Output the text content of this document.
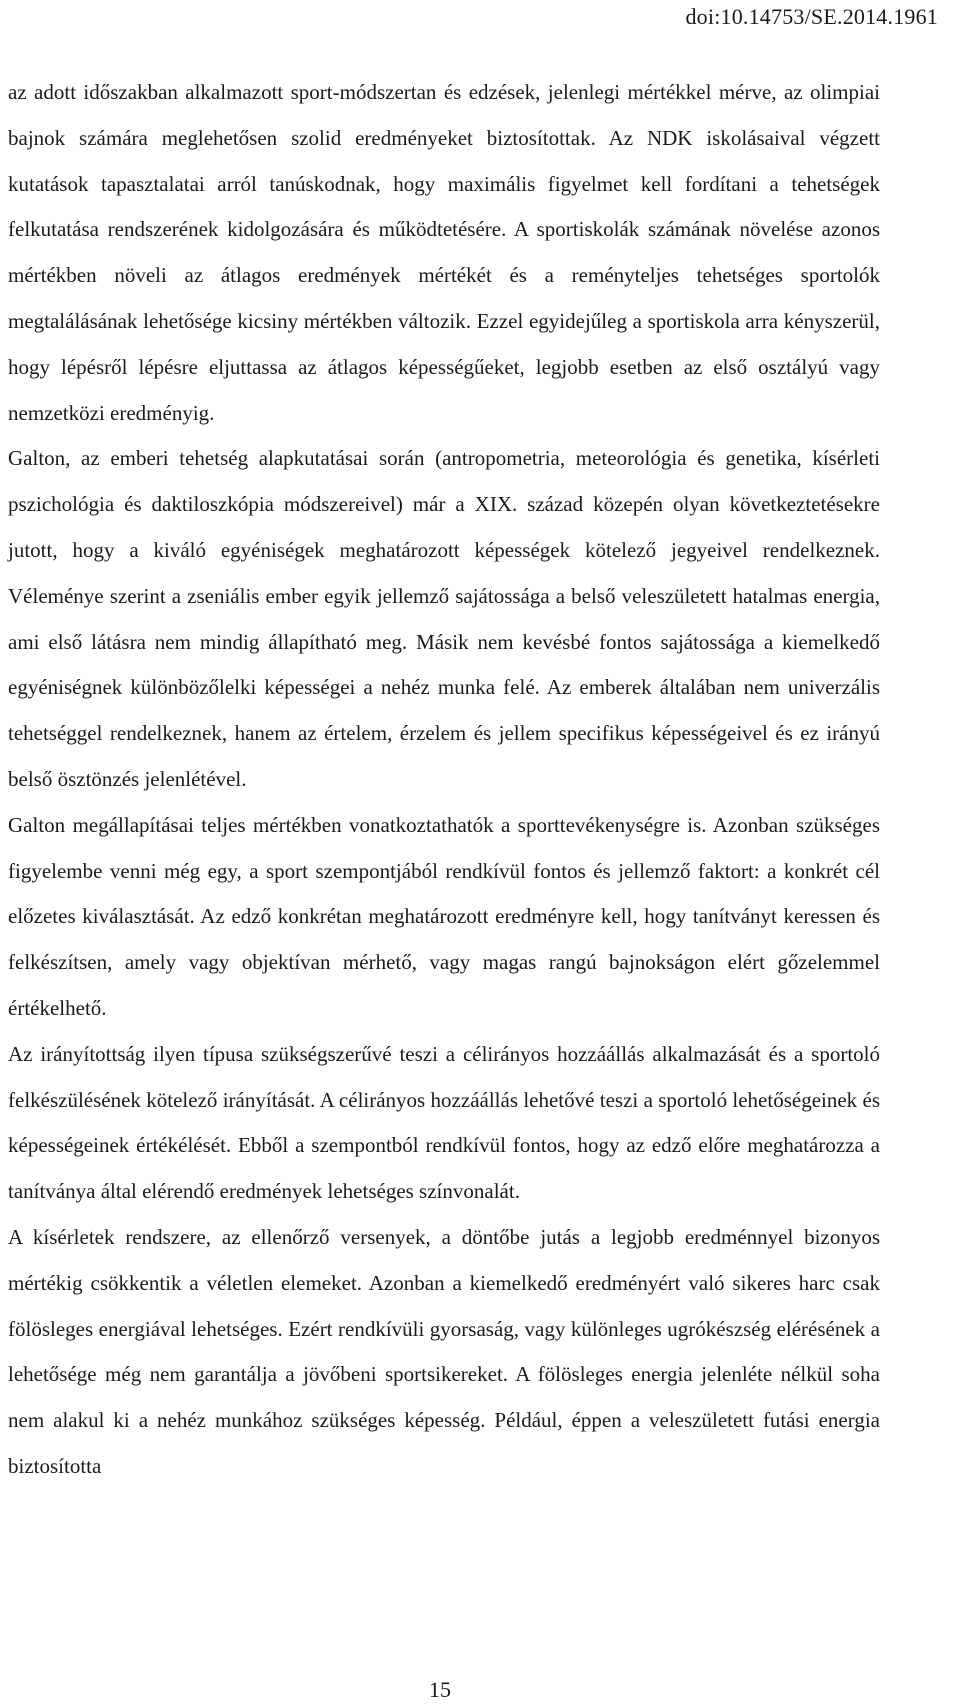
doi:10.14753/SE.2014.1961

az adott időszakban alkalmazott sport-módszertan és edzések, jelenlegi mértékkel mérve, az olimpiai bajnok számára meglehetősen szolid eredményeket biztosítottak. Az NDK iskolásaival végzett kutatások tapasztalatai arról tanúskodnak, hogy maximális figyelmet kell fordítani a tehetségek felkutatása rendszerének kidolgozására és működtetésére. A sportiskolák számának növelése azonos mértékben növeli az átlagos eredmények mértékét és a reményteljes tehetséges sportolók megtalálásának lehetősége kicsiny mértékben változik. Ezzel egyidejűleg a sportiskola arra kényszerül, hogy lépésről lépésre eljuttassa az átlagos képességűeket, legjobb esetben az első osztályú vagy nemzetközi eredményig.

Galton, az emberi tehetség alapkutatásai során (antropometria, meteorológia és genetika, kísérleti pszichológia és daktiloszkópia módszereivel) már a XIX. század közepén olyan következtetésekre jutott, hogy a kiváló egyéniségek meghatározott képességek kötelező jegyeivel rendelkeznek. Véleménye szerint a zseniális ember egyik jellemző sajátossága a belső veleszületett hatalmas energia, ami első látásra nem mindig állapítható meg. Másik nem kevésbé fontos sajátossága a kiemelkedő egyéniségnek különbözőlelki képességei a nehéz munka felé. Az emberek általában nem univerzális tehetséggel rendelkeznek, hanem az értelem, érzelem és jellem specifikus képességeivel és ez irányú belső ösztönzés jelenlétével.

Galton megállapításai teljes mértékben vonatkoztathatók a sporttevékenységre is. Azonban szükséges figyelembe venni még egy, a sport szempontjából rendkívül fontos és jellemző faktort: a konkrét cél előzetes kiválasztását. Az edző konkrétan meghatározott eredményre kell, hogy tanítványt keressen és felkészítsen, amely vagy objektívan mérhető, vagy magas rangú bajnokságon elért gőzelemmel értékelhető.

Az irányítottság ilyen típusa szükségszerűvé teszi a célirányos hozzáállás alkalmazását és a sportoló felkészülésének kötelező irányítását. A célirányos hozzáállás lehetővé teszi a sportoló lehetőségeinek és képességeinek értékélését. Ebből a szempontból rendkívül fontos, hogy az edző előre meghatározza a tanítványa által elérendő eredmények lehetséges színvonalát.

A kísérletek rendszere, az ellenőrző versenyek, a döntőbe jutás a legjobb eredménnyel bizonyos mértékig csökkentik a véletlen elemeket. Azonban a kiemelkedő eredményért való sikeres harc csak fölösleges energiával lehetséges. Ezért rendkívüli gyorsaság, vagy különleges ugrókészség elérésének a lehetősége még nem garantálja a jövőbeni sportsikereket. A fölösleges energia jelenléte nélkül soha nem alakul ki a nehéz munkához szükséges képesség. Például, éppen a veleszületett futási energia biztosította

15
